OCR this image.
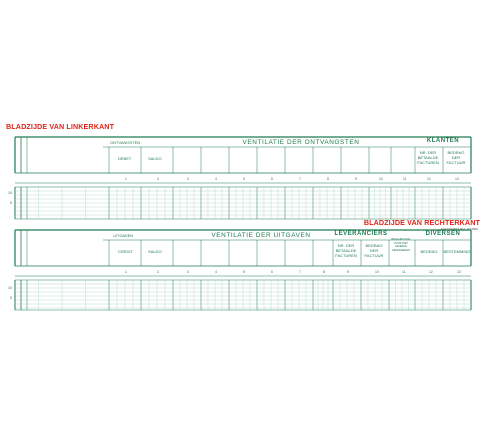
BLADZIJDE VAN LINKERKANT
ONTVANGSTEN
DEBET	SALDO
VENTILATIE DER ONTVANGSTEN	KLANTEN
NR. DER BETAALDE FACTUREN
BEDRAG DER FACTUUR
1	2	3	4	5	6	7	8	9	10	11	12	13
10
5
BLADZIJDE VAN RECHTERKANT
EXACOMPTA Ref. 1612666
UITGAVEN
CREDIT	SALDO
VENTILATIE DER UITGAVEN	LEVERANCIERS
NR. DER BETAALDE FACTUREN
BEDRAG DER FACTUUR
BESCHRIJVING VOOR NIET GENEELE ZEKERHEDEN
DIVERSEN
BEDRAG	BESTEMMING
1	2	3	4	5	6	7	8	9	10	11	12	13
10
5
